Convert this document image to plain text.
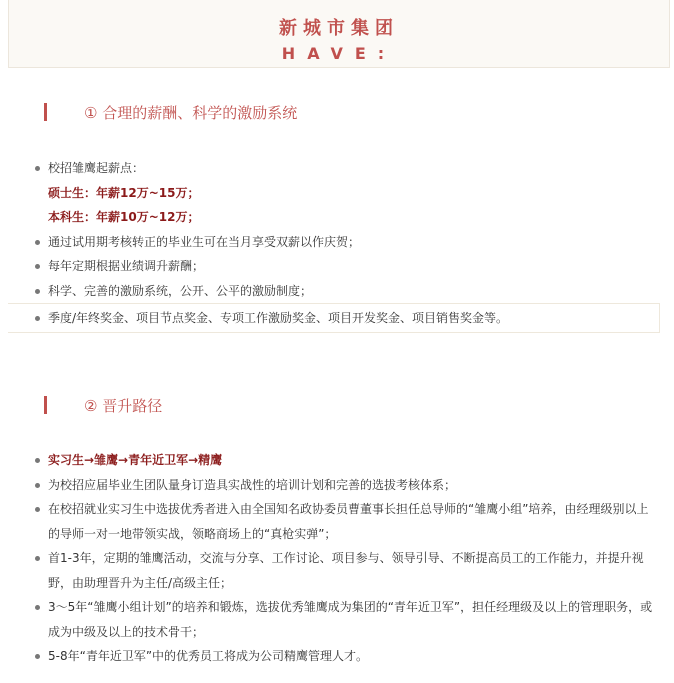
新城市集团
HAVE:
① 合理的薪酬、科学的激励系统
校招雏鹰起薪点：
硕士生：年薪12万~15万；
本科生：年薪10万~12万；
通过试用期考核转正的毕业生可在当月享受双薪以作庆贺；
每年定期根据业绩调升薪酬；
科学、完善的激励系统，公开、公平的激励制度；
季度/年终奖金、项目节点奖金、专项工作激励奖金、项目开发奖金、项目销售奖金等。
② 晋升路径
实习生→雏鹰→青年近卫军→精鹰
为校招应届毕业生团队量身订造具实战性的培训计划和完善的选拔考核体系；
在校招就业实习生中选拔优秀者进入由全国知名政协委员曹董事长担任总导师的“雏鹰小组”培养，由经理级别以上的导师一对一地带领实战，领略商场上的“真枪实弹”；
首1-3年，定期的雏鹰活动，交流与分享、工作讨论、项目参与、领导引导、不断提高员工的工作能力，并提升视野，由助理晋升为主任/高级主任；
3～5年“雏鹰小组计划”的培养和锻炼，选拔优秀雏鹰成为集团的“青年近卫军”，担任经理级及以上的管理职务，或成为中级及以上的技术骨干；
5-8年“青年近卫军”中的优秀员工将成为公司精鹰管理人才。
